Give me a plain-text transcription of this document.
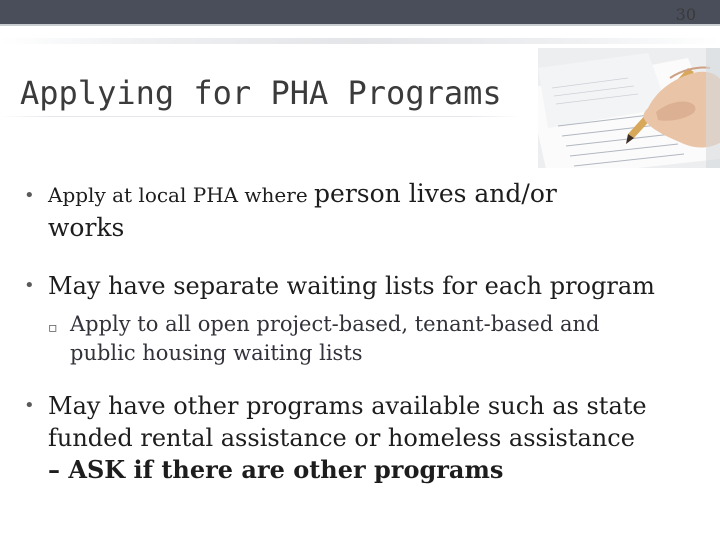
30
Applying for PHA Programs
• Apply at local PHA where person lives and/or
works
• May have separate waiting lists for each program
▫ Apply to all open project-based, tenant-based and
public housing waiting lists
• May have other programs available such as state
funded rental assistance or homeless assistance
– ASK if there are other programs
